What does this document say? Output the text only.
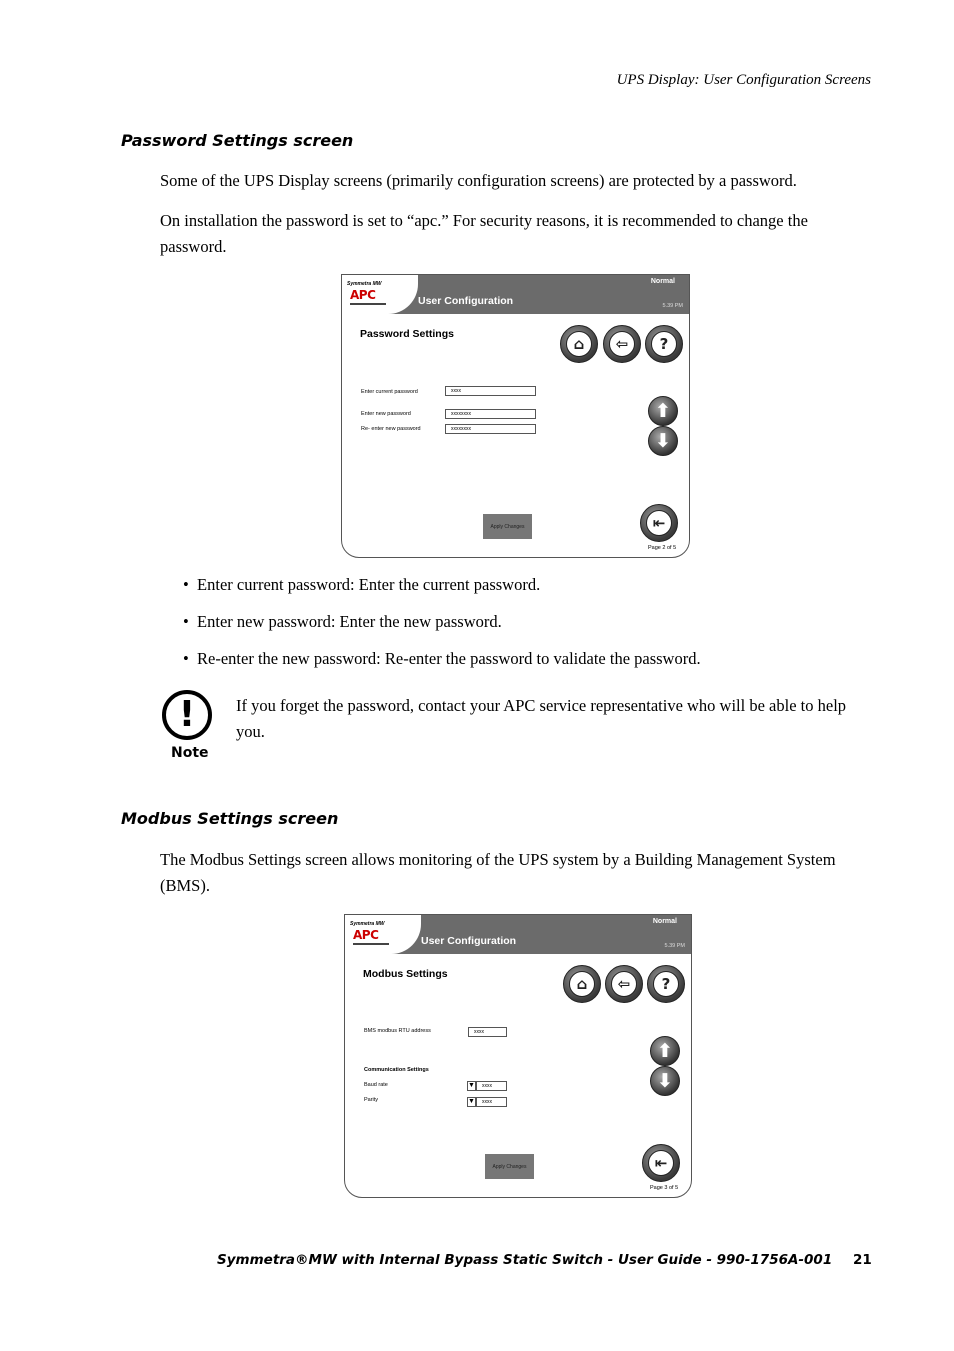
UPS Display: User Configuration Screens
Password Settings screen
Some of the UPS Display screens (primarily configuration screens) are protected by a password.
On installation the password is set to “apc.” For security reasons, it is recommended to change the password.
Symmetra MW
APC	User Configuration
Normal
5.39 PM
Password Settings
⌂	⇦	?
Enter current password	xxxx
Enter new password	xxxxxxxx
Re- enter new password	xxxxxxxx
⬆
⬇
Apply Changes	⇤
Page 2 of 5
•  Enter current password: Enter the current password.
•  Enter new password: Enter the new password.
•  Re-enter the new password: Re-enter the password to validate the password.
!
Note
If you forget the password, contact your APC service representative who will be able to help you.
Modbus Settings screen
The Modbus Settings screen allows monitoring of the UPS system by a Building Management System (BMS).
Symmetra MW
APC	User Configuration
Normal
5.39 PM
Modbus Settings
⌂	⇦	?
BMS modbus RTU address	xxxx
Communication Settings
Baud rate	▼	xxxx
Parity	▼	xxxx
⬆
⬇
Apply Changes	⇤
Page 3 of 5
Symmetra®MW with Internal Bypass Static Switch - User Guide - 990-1756A-001 21
